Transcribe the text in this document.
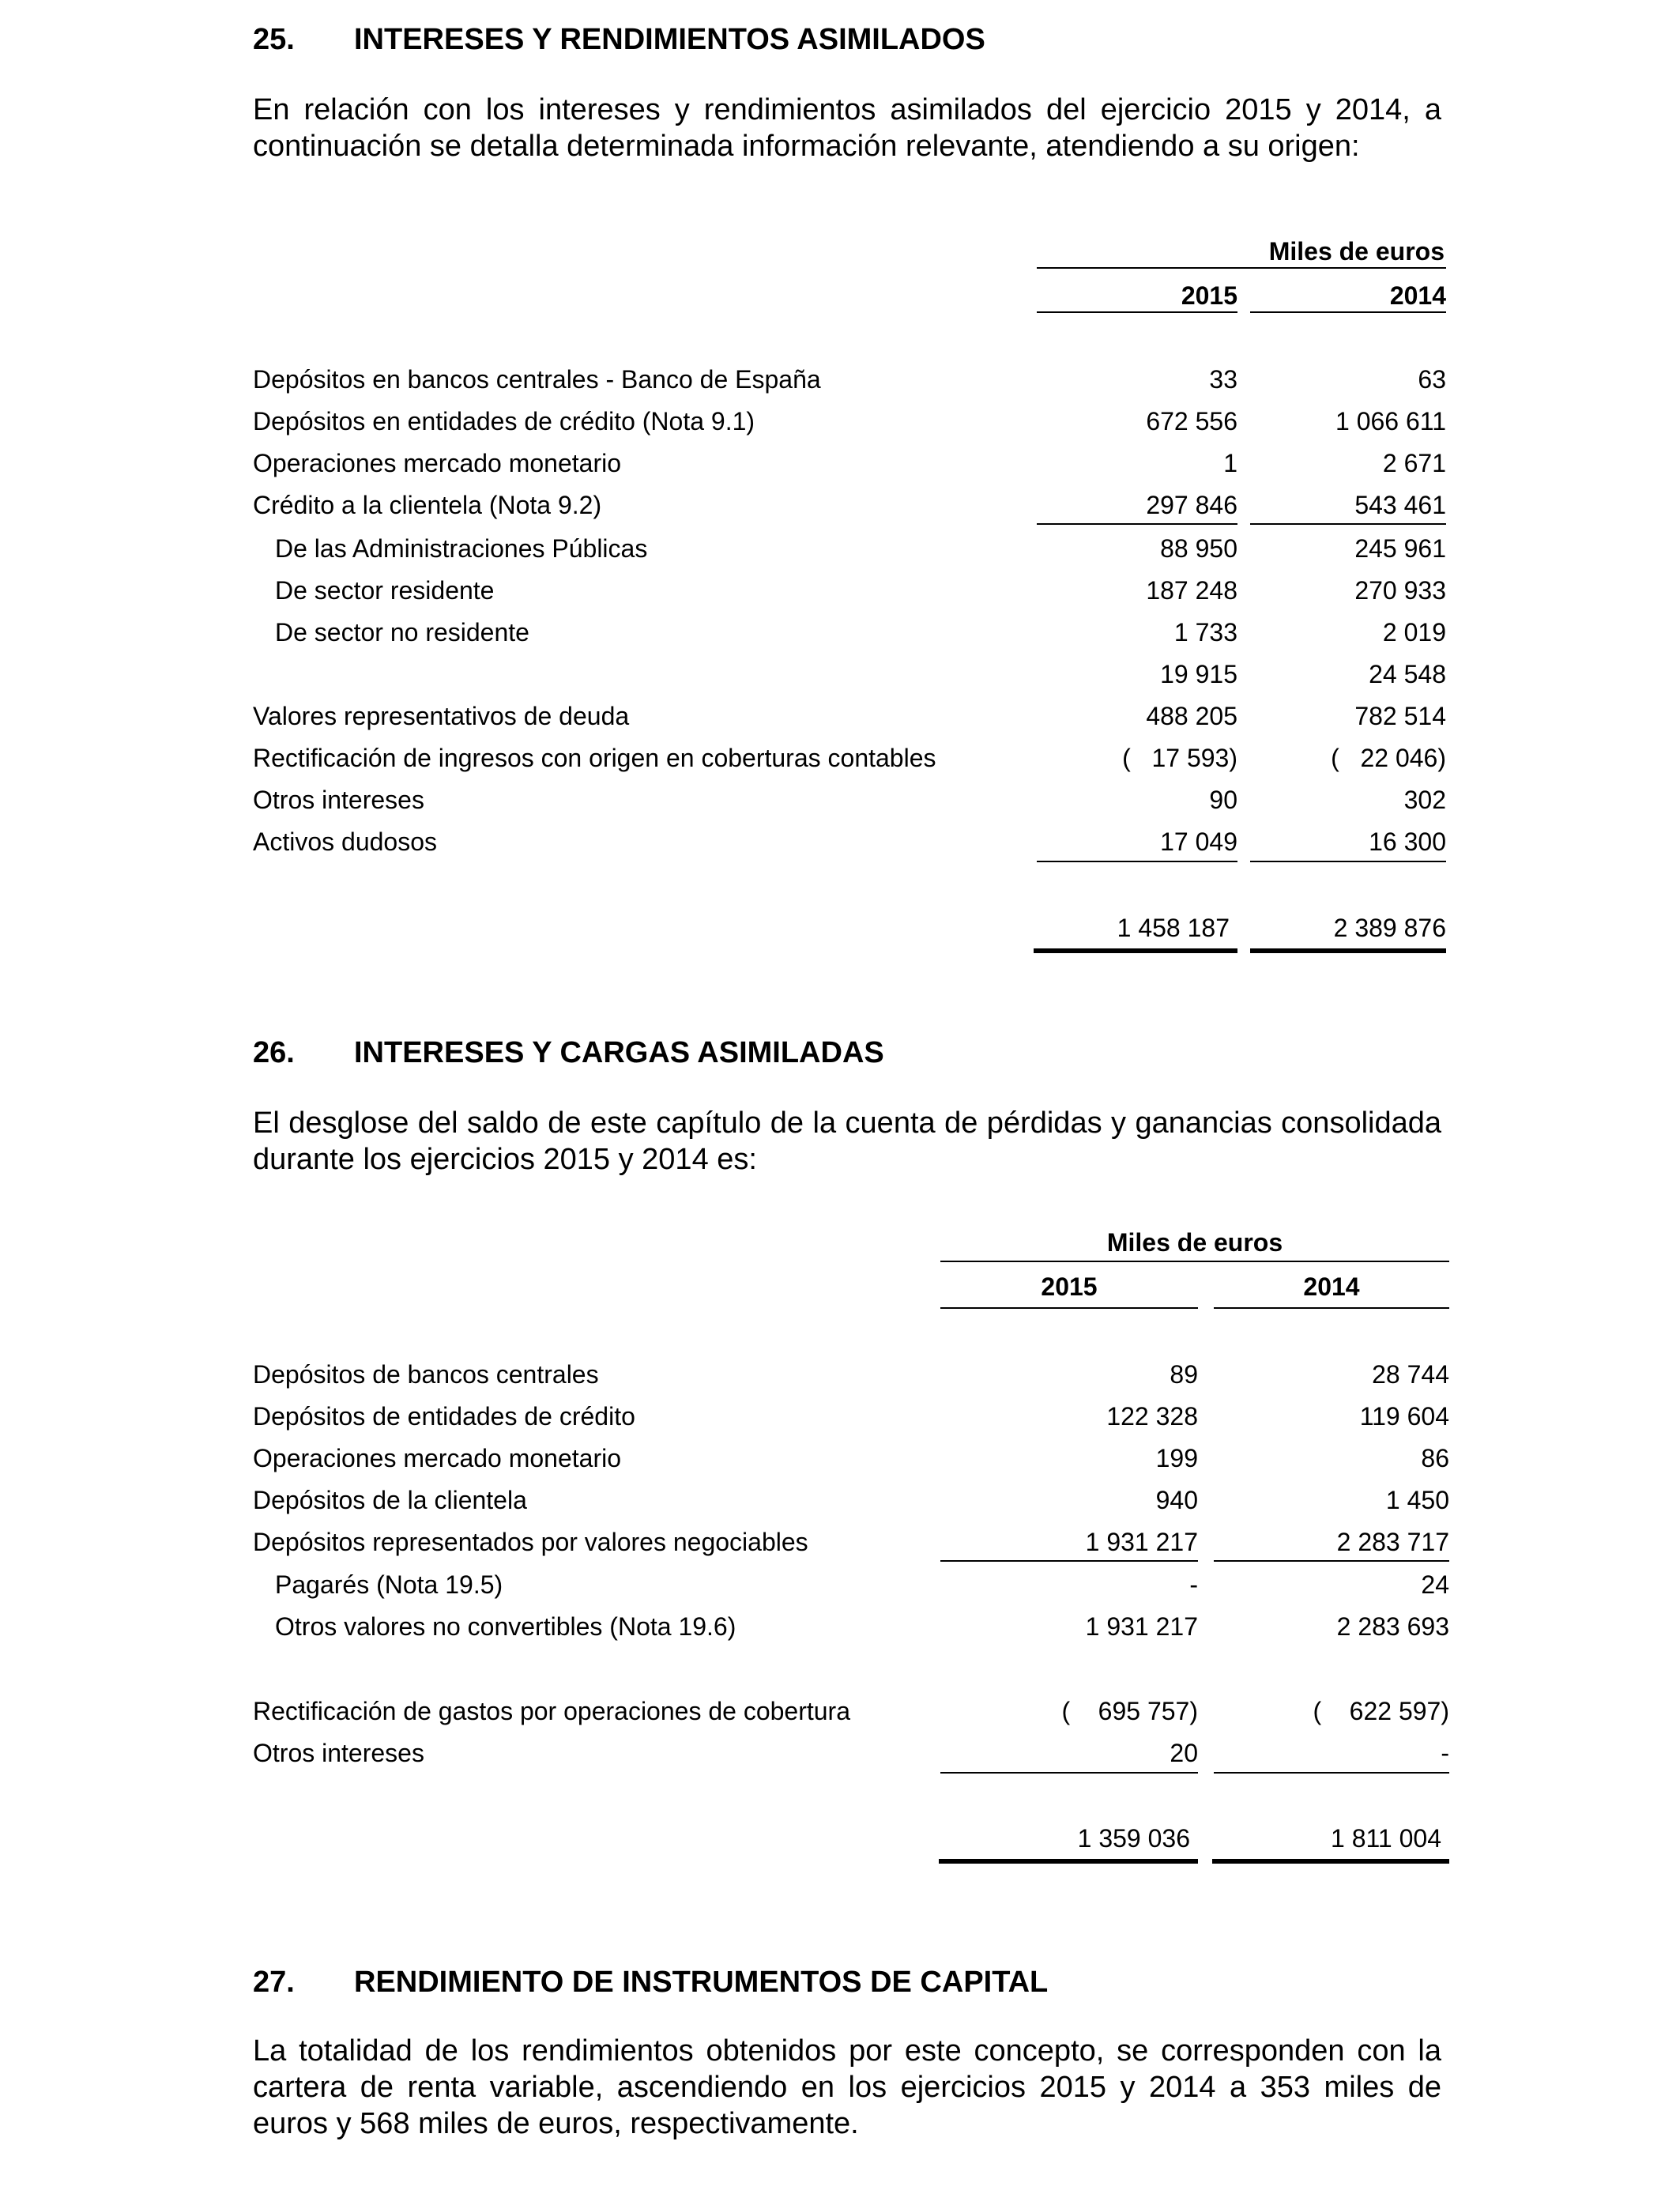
25. INTERESES Y RENDIMIENTOS ASIMILADOS
En relación con los intereses y rendimientos asimilados del ejercicio 2015 y 2014, a continuación se detalla determinada información relevante, atendiendo a su origen:
Miles de euros
2015	2014
Depósitos en bancos centrales - Banco de España	33	63
Depósitos en entidades de crédito (Nota 9.1)	672 556	1 066 611
Operaciones mercado monetario	1	2 671
Crédito a la clientela (Nota 9.2)	297 846	543 461
De las Administraciones Públicas	88 950	245 961
De sector residente	187 248	270 933
De sector no residente	1 733	2 019
19 915	24 548
Valores representativos de deuda	488 205	782 514
Rectificación de ingresos con origen en coberturas contables	(   17 593)	(   22 046)
Otros intereses	90	302
Activos dudosos	17 049	16 300
1 458 187	2 389 876
26. INTERESES Y CARGAS ASIMILADAS
El desglose del saldo de este capítulo de la cuenta de pérdidas y ganancias consolidada durante los ejercicios 2015 y 2014 es:
Miles de euros
2015	2014
Depósitos de bancos centrales	89	28 744
Depósitos de entidades de crédito	122 328	119 604
Operaciones mercado monetario	199	86
Depósitos de la clientela	940	1 450
Depósitos representados por valores negociables	1 931 217	2 283 717
Pagarés (Nota 19.5)	-	24
Otros valores no convertibles (Nota 19.6)	1 931 217	2 283 693
Rectificación de gastos por operaciones de cobertura	(    695 757)	(    622 597)
Otros intereses	20	-
1 359 036	1 811 004
27. RENDIMIENTO DE INSTRUMENTOS DE CAPITAL
La totalidad de los rendimientos obtenidos por este concepto, se corresponden con la cartera de renta variable, ascendiendo en los ejercicios 2015 y 2014 a 353 miles de euros y 568 miles de euros, respectivamente.
